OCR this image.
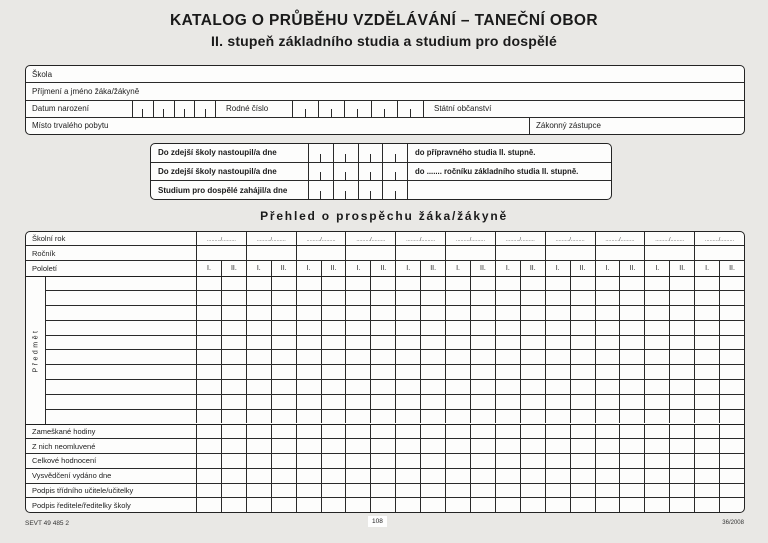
KATALOG O PRŮBĚHU VZDĚLÁVÁNÍ – TANEČNÍ OBOR
II. stupeň základního studia a studium pro dospělé
Škola
Příjmení a jméno žáka/žákyně
Datum narození	Rodné číslo	Státní občanství
Místo trvalého pobytu	Zákonný zástupce
Do zdejší školy nastoupil/a dne	do přípravného studia II. stupně.
Do zdejší školy nastoupil/a dne	do ....... ročníku základního studia II. stupně.
Studium pro dospělé zahájil/a dne
Přehled o prospěchu žáka/žákyně
Školní rok	........./.........	........./.........	........./.........	........./.........	........./.........	........./.........	........./.........	........./.........	........./.........	........./.........	........./.........
Ročník
Pololetí	I.	II.	I.	II.	I.	II.	I.	II.	I.	II.	I.	II.	I.	II.	I.	II.	I.	II.	I.	II.	I.	II.
Předmět
Zameškané hodiny
Z nich neomluvené
Celkové hodnocení
Vysvědčení vydáno dne
Podpis třídního učitele/učitelky
Podpis ředitele/ředitelky školy
SEVT 49 485 2	108	36/2008
